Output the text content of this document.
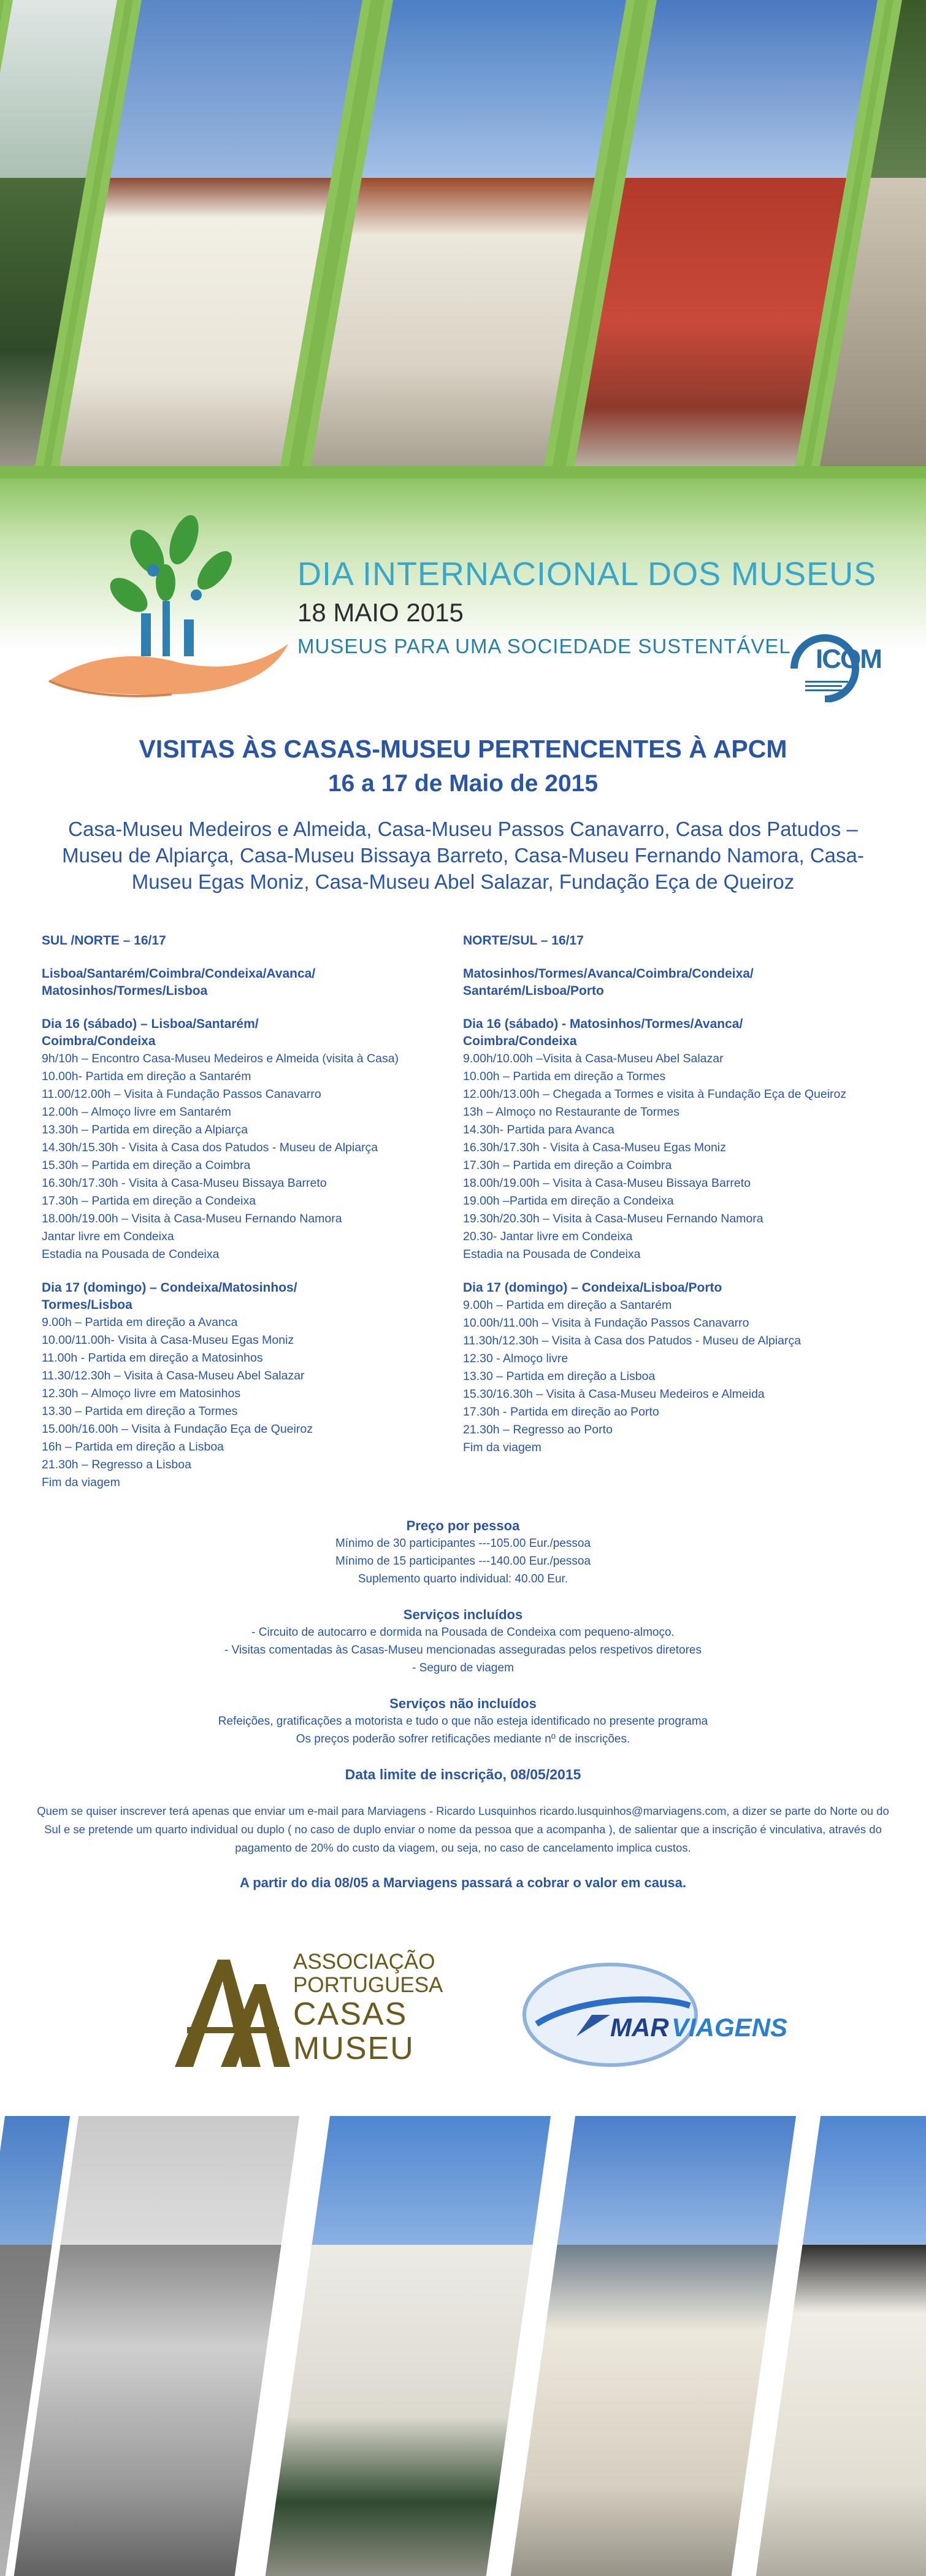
DIA INTERNACIONAL DOS MUSEUS
18 MAIO 2015
MUSEUS PARA UMA SOCIEDADE SUSTENTÁVEL ICOM
VISITAS ÀS CASAS-MUSEU PERTENCENTES À APCM
16 a 17 de Maio de 2015
Casa-Museu Medeiros e Almeida, Casa-Museu Passos Canavarro, Casa dos Patudos – Museu de Alpiarça, Casa-Museu Bissaya Barreto, Casa-Museu Fernando Namora, Casa-Museu Egas Moniz, Casa-Museu Abel Salazar, Fundação Eça de Queiroz
SUL /NORTE – 16/17
Lisboa/Santarém/Coimbra/Condeixa/Avanca/
Matosinhos/Tormes/Lisboa
Dia 16 (sábado) – Lisboa/Santarém/
Coimbra/Condeixa
9h/10h – Encontro Casa-Museu Medeiros e Almeida (visita à Casa)
10.00h- Partida em direção a Santarém
11.00/12.00h – Visita à Fundação Passos Canavarro
12.00h – Almoço livre em Santarém
13.30h – Partida em direção a Alpiarça
14.30h/15.30h - Visita à Casa dos Patudos - Museu de Alpiarça
15.30h – Partida em direção a Coimbra
16.30h/17.30h - Visita à Casa-Museu Bissaya Barreto
17.30h – Partida em direção a Condeixa
18.00h/19.00h – Visita à Casa-Museu Fernando Namora
Jantar livre em Condeixa
Estadia na Pousada de Condeixa
Dia 17 (domingo) – Condeixa/Matosinhos/
Tormes/Lisboa
9.00h – Partida em direção a Avanca
10.00/11.00h- Visita à Casa-Museu Egas Moniz
11.00h - Partida em direção a Matosinhos
11.30/12.30h – Visita à Casa-Museu Abel Salazar
12.30h – Almoço livre em Matosinhos
13.30 – Partida em direção a Tormes
15.00h/16.00h – Visita à Fundação Eça de Queiroz
16h – Partida em direção a Lisboa
21.30h – Regresso a Lisboa
Fim da viagem
NORTE/SUL – 16/17
Matosinhos/Tormes/Avanca/Coimbra/Condeixa/
Santarém/Lisboa/Porto
Dia 16 (sábado) - Matosinhos/Tormes/Avanca/
Coimbra/Condeixa
9.00h/10.00h –Visita à Casa-Museu Abel Salazar
10.00h – Partida em direção a Tormes
12.00h/13.00h – Chegada a Tormes e visita à Fundação Eça de Queiroz
13h – Almoço no Restaurante de Tormes
14.30h- Partida para Avanca
16.30h/17.30h - Visita à Casa-Museu Egas Moniz
17.30h – Partida em direção a Coimbra
18.00h/19.00h – Visita à Casa-Museu Bissaya Barreto
19.00h –Partida em direção a Condeixa
19.30h/20.30h – Visita à Casa-Museu Fernando Namora
20.30- Jantar livre em Condeixa
Estadia na Pousada de Condeixa
Dia 17 (domingo) – Condeixa/Lisboa/Porto
9.00h – Partida em direção a Santarém
10.00h/11.00h – Visita à Fundação Passos Canavarro
11.30h/12.30h – Visita à Casa dos Patudos - Museu de Alpiarça
12.30 - Almoço livre
13.30 – Partida em direção a Lisboa
15.30/16.30h – Visita à Casa-Museu Medeiros e Almeida
17.30h - Partida em direção ao Porto
21.30h – Regresso ao Porto
Fim da viagem
Preço por pessoa
Mínimo de 30 participantes ---105.00 Eur./pessoa
Mínimo de 15 participantes ---140.00 Eur./pessoa
Suplemento quarto individual: 40.00 Eur.
Serviços incluídos
- Circuito de autocarro e dormida na Pousada de Condeixa com pequeno-almoço.
- Visitas comentadas às Casas-Museu mencionadas asseguradas pelos respetivos diretores
- Seguro de viagem
Serviços não incluídos
Refeições, gratificações a motorista e tudo o que não esteja identificado no presente programa
Os preços poderão sofrer retificações mediante nº de inscrições.
Data limite de inscrição, 08/05/2015
Quem se quiser inscrever terá apenas que enviar um e-mail para Marviagens - Ricardo Lusquinhos ricardo.lusquinhos@marviagens.com, a dizer se parte do Norte ou do Sul e se pretende um quarto individual ou duplo ( no caso de duplo enviar o nome da pessoa que a acompanha ), de salientar que a inscrição é vinculativa, através do pagamento de 20% do custo da viagem, ou seja, no caso de cancelamento implica custos.
A partir do dia 08/05 a Marviagens passará a cobrar o valor em causa.
ASSOCIAÇÃO
PORTUGUESA
CASAS
MUSEU
MAR VIAGENS
